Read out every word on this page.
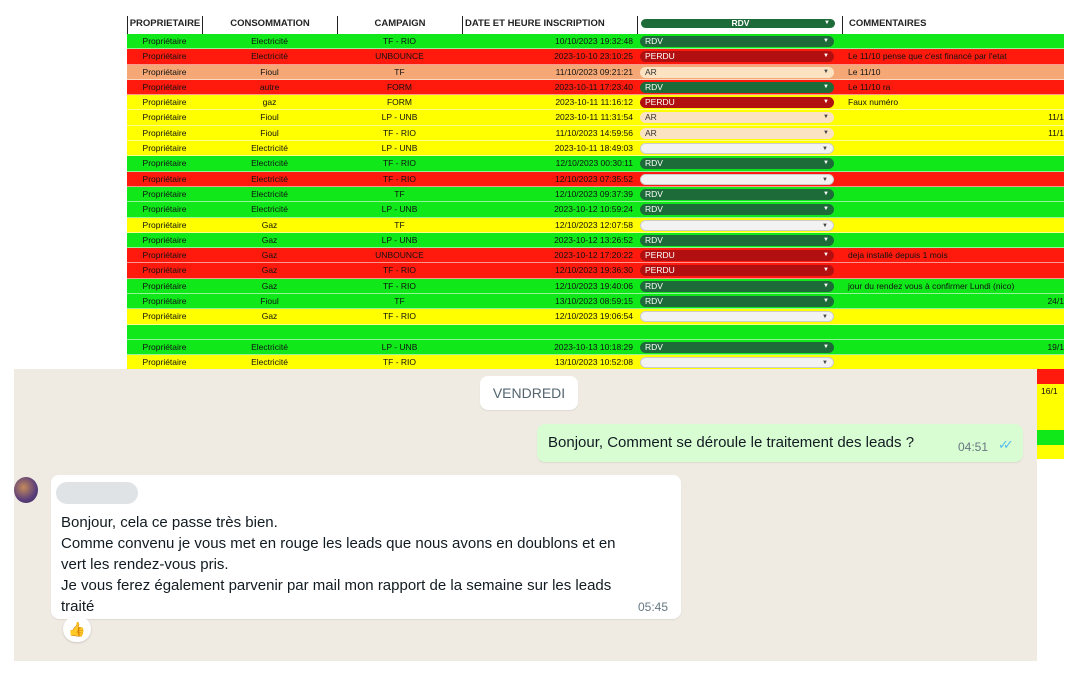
PROPRIETAIRE	CONSOMMATION	CAMPAIGN	DATE ET HEURE INSCRIPTION	RDV	▼	COMMENTAIRES
Propriétaire	Electricité	TF - RIO	10/10/2023 19:32:48	RDV	▼
Propriétaire	Electricité	UNBOUNCE	2023-10-10 23:10:25	PERDU	▼	Le 11/10 pense que c'est financé par l'etat
Propriétaire	Fioul	TF	11/10/2023 09:21:21	AR	▼	Le 11/10
Propriétaire	autre	FORM	2023-10-11 17:23:40	RDV	▼	Le 11/10 ra
Propriétaire	gaz	FORM	2023-10-11 11:16:12	PERDU	▼	Faux numéro
Propriétaire	Fioul	LP - UNB	2023-10-11 11:31:54	AR	▼	11/1
Propriétaire	Fioul	TF - RIO	11/10/2023 14:59:56	AR	▼	11/1
Propriétaire	Electricité	LP - UNB	2023-10-11 18:49:03	▼
Propriétaire	Electricité	TF - RIO	12/10/2023 00:30:11	RDV	▼
Propriétaire	Electricité	TF - RIO	12/10/2023 07:35:52	▼
Propriétaire	Electricité	TF	12/10/2023 09:37:39	RDV	▼
Propriétaire	Electricité	LP - UNB	2023-10-12 10:59:24	RDV	▼
Propriétaire	Gaz	TF	12/10/2023 12:07:58	▼
Propriétaire	Gaz	LP - UNB	2023-10-12 13:26:52	RDV	▼
Propriétaire	Gaz	UNBOUNCE	2023-10-12 17:20:22	PERDU	▼	deja installé depuis 1 mois
Propriétaire	Gaz	TF - RIO	12/10/2023 19:36:30	PERDU	▼
Propriétaire	Gaz	TF - RIO	12/10/2023 19:40:06	RDV	▼	jour du rendez vous à confirmer Lundi (nico)
Propriétaire	Fioul	TF	13/10/2023 08:59:15	RDV	▼	24/1
Propriétaire	Gaz	TF - RIO	12/10/2023 19:06:54	▼
Propriétaire	Electricité	LP - UNB	2023-10-13 10:18:29	RDV	▼	19/1
Propriétaire	Electricité	TF - RIO	13/10/2023 10:52:08	▼
16/1
VENDREDI
Bonjour, Comment se déroule le traitement des leads ?	04:51 ✓✓
Bonjour, cela ce passe très bien.
Comme convenu je vous met en rouge les leads que nous avons en doublons et en
vert les rendez-vous pris.
Je vous ferez également parvenir par mail mon rapport de la semaine sur les leads
traité	05:45
👍
